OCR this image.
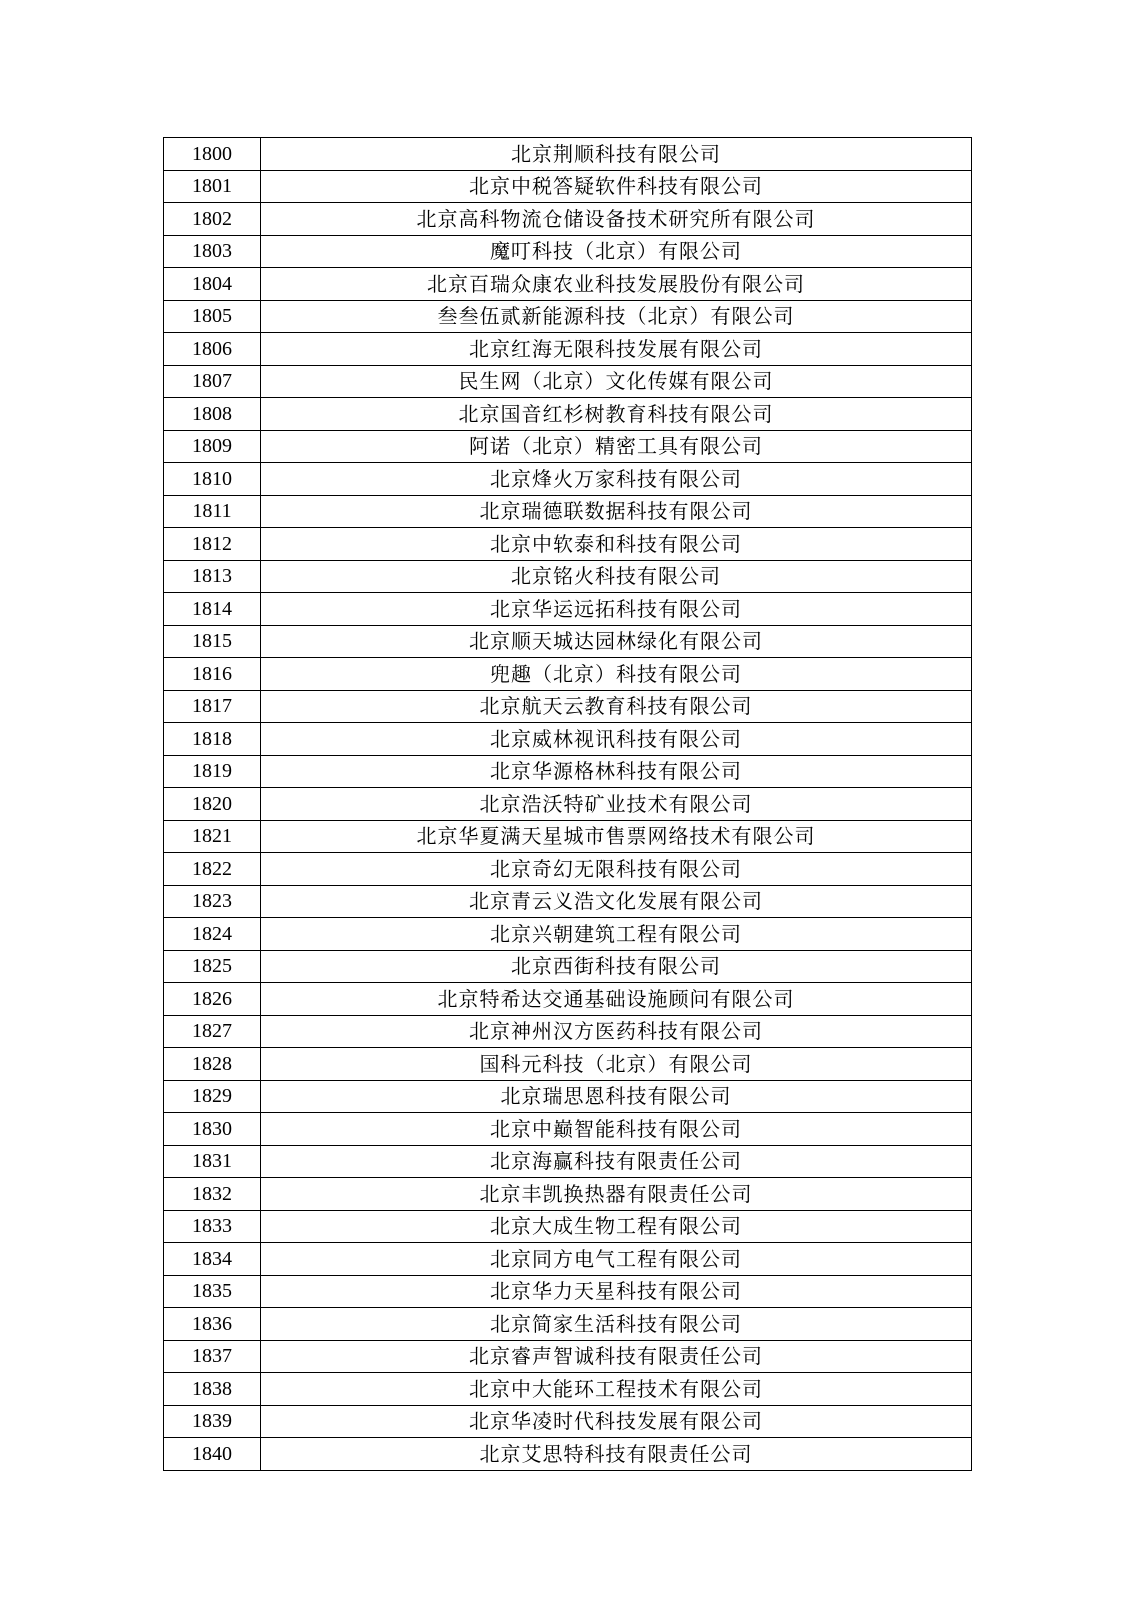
1800	北京荆顺科技有限公司
1801	北京中税答疑软件科技有限公司
1802	北京高科物流仓储设备技术研究所有限公司
1803	魔叮科技（北京）有限公司
1804	北京百瑞众康农业科技发展股份有限公司
1805	叁叁伍贰新能源科技（北京）有限公司
1806	北京红海无限科技发展有限公司
1807	民生网（北京）文化传媒有限公司
1808	北京国音红杉树教育科技有限公司
1809	阿诺（北京）精密工具有限公司
1810	北京烽火万家科技有限公司
1811	北京瑞德联数据科技有限公司
1812	北京中软泰和科技有限公司
1813	北京铭火科技有限公司
1814	北京华运远拓科技有限公司
1815	北京顺天城达园林绿化有限公司
1816	兜趣（北京）科技有限公司
1817	北京航天云教育科技有限公司
1818	北京威林视讯科技有限公司
1819	北京华源格林科技有限公司
1820	北京浩沃特矿业技术有限公司
1821	北京华夏满天星城市售票网络技术有限公司
1822	北京奇幻无限科技有限公司
1823	北京青云义浩文化发展有限公司
1824	北京兴朝建筑工程有限公司
1825	北京西街科技有限公司
1826	北京特希达交通基础设施顾问有限公司
1827	北京神州汉方医药科技有限公司
1828	国科元科技（北京）有限公司
1829	北京瑞思恩科技有限公司
1830	北京中巅智能科技有限公司
1831	北京海赢科技有限责任公司
1832	北京丰凯换热器有限责任公司
1833	北京大成生物工程有限公司
1834	北京同方电气工程有限公司
1835	北京华力天星科技有限公司
1836	北京简家生活科技有限公司
1837	北京睿声智诚科技有限责任公司
1838	北京中大能环工程技术有限公司
1839	北京华凌时代科技发展有限公司
1840	北京艾思特科技有限责任公司
